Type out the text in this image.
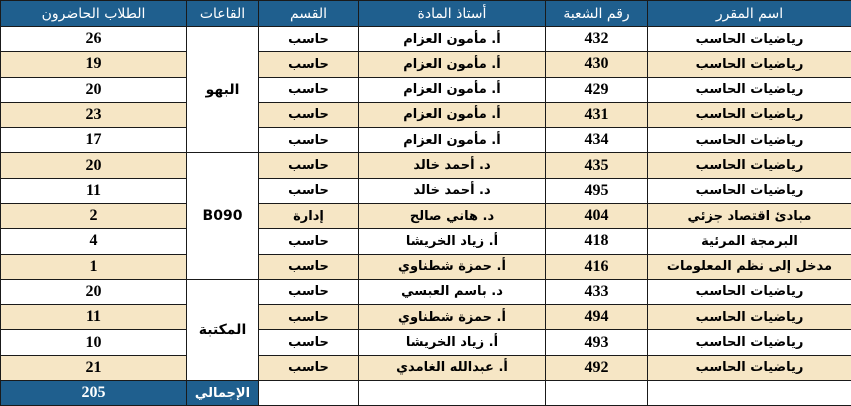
الطلاب الحاضرون	القاعات	القسم	أستاذ المادة	رقم الشعبة	اسم المقرر
26	البهو	حاسب	أ. مأمون العزام	432	رياضيات الحاسب
19		حاسب	أ. مأمون العزام	430	رياضيات الحاسب
20		حاسب	أ. مأمون العزام	429	رياضيات الحاسب
23		حاسب	أ. مأمون العزام	431	رياضيات الحاسب
17		حاسب	أ. مأمون العزام	434	رياضيات الحاسب
20	B090	حاسب	د. أحمد خالد	435	رياضيات الحاسب
11		حاسب	د. أحمد خالد	495	رياضيات الحاسب
2		إدارة	د. هاني صالح	404	مبادئ اقتصاد جزئي
4		حاسب	أ. زياد الخريشا	418	البرمجة المرئية
1		حاسب	أ. حمزة شطناوي	416	مدخل إلى نظم المعلومات
20	المكتبة	حاسب	د. باسم العبسي	433	رياضيات الحاسب
11		حاسب	أ. حمزة شطناوي	494	رياضيات الحاسب
10		حاسب	أ. زياد الخريشا	493	رياضيات الحاسب
21		حاسب	أ. عبدالله الغامدي	492	رياضيات الحاسب
205	الإجمالي				
